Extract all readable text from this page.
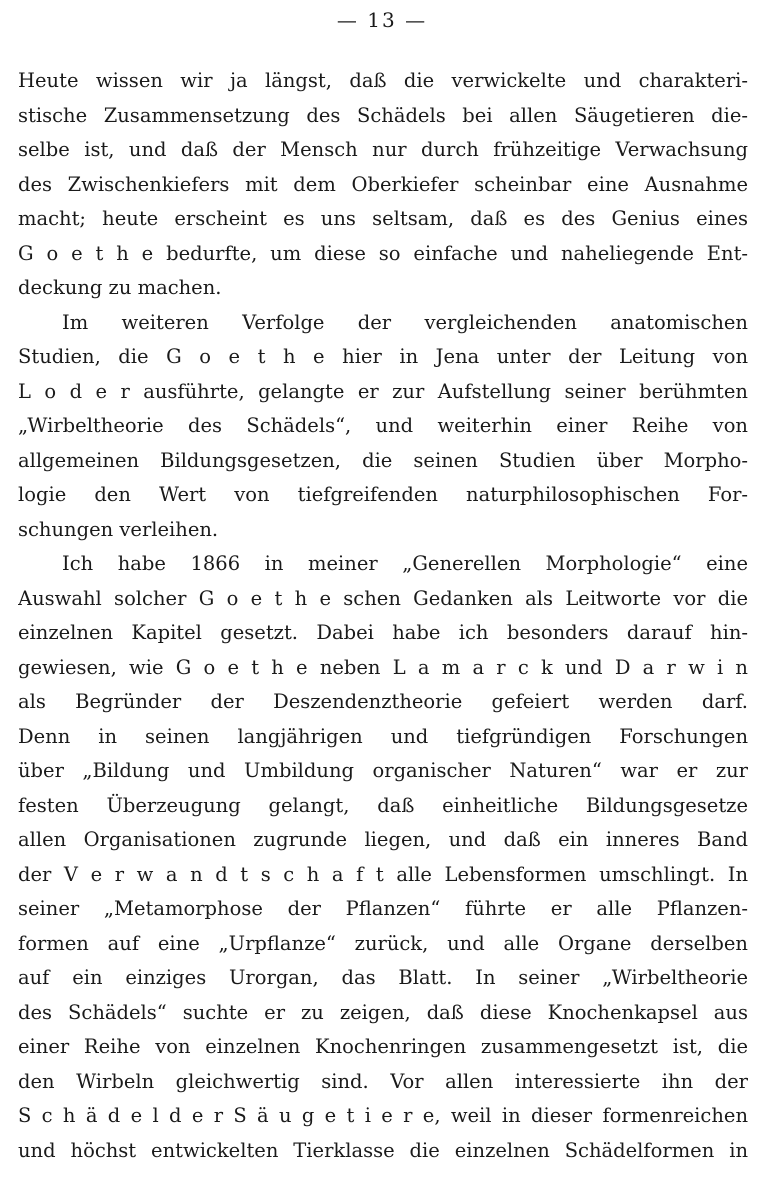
— 13 —
Heute wissen wir ja längst, daß die verwickelte und charakteri-
stische Zusammensetzung des Schädels bei allen Säugetieren die-
selbe ist, und daß der Mensch nur durch frühzeitige Verwachsung
des Zwischenkiefers mit dem Oberkiefer scheinbar eine Ausnahme
macht; heute erscheint es uns seltsam, daß es des Genius eines
G o e t h e bedurfte, um diese so einfache und naheliegende Ent-
deckung zu machen.
Im weiteren Verfolge der vergleichenden anatomischen
Studien, die G o e t h e hier in Jena unter der Leitung von
L o d e r ausführte, gelangte er zur Aufstellung seiner berühmten
„Wirbeltheorie des Schädels“, und weiterhin einer Reihe von
allgemeinen Bildungsgesetzen, die seinen Studien über Morpho-
logie den Wert von tiefgreifenden naturphilosophischen For-
schungen verleihen.
Ich habe 1866 in meiner „Generellen Morphologie“ eine
Auswahl solcher G o e t h e schen Gedanken als Leitworte vor die
einzelnen Kapitel gesetzt. Dabei habe ich besonders darauf hin-
gewiesen, wie G o e t h e neben L a m a r c k und D a r w i n
als Begründer der Deszendenztheorie gefeiert werden darf.
Denn in seinen langjährigen und tiefgründigen Forschungen
über „Bildung und Umbildung organischer Naturen“ war er zur
festen Überzeugung gelangt, daß einheitliche Bildungsgesetze
allen Organisationen zugrunde liegen, und daß ein inneres Band
der V e r w a n d t s c h a f t alle Lebensformen umschlingt. In
seiner „Metamorphose der Pflanzen“ führte er alle Pflanzen-
formen auf eine „Urpflanze“ zurück, und alle Organe derselben
auf ein einziges Urorgan, das Blatt. In seiner „Wirbeltheorie
des Schädels“ suchte er zu zeigen, daß diese Knochenkapsel aus
einer Reihe von einzelnen Knochenringen zusammengesetzt ist, die
den Wirbeln gleichwertig sind. Vor allen interessierte ihn der
S c h ä d e l d e r S ä u g e t i e r e, weil in dieser formenreichen
und höchst entwickelten Tierklasse die einzelnen Schädelformen in
